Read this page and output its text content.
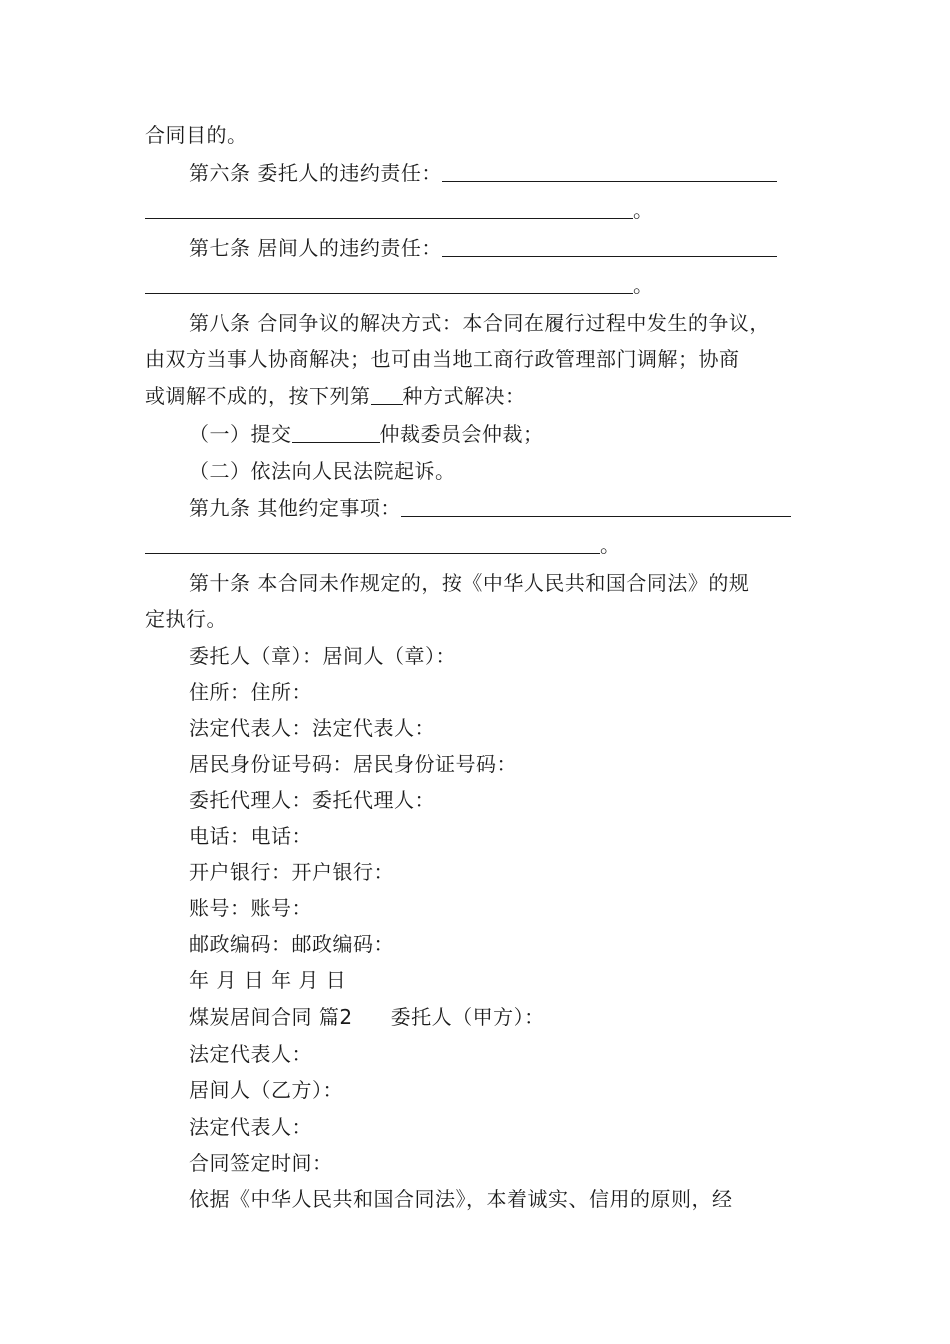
合同目的。
第六条 委托人的违约责任：
。
第七条 居间人的违约责任：
。
第八条 合同争议的解决方式：本合同在履行过程中发生的争议，
由双方当事人协商解决；也可由当地工商行政管理部门调解；协商
或调解不成的，按下列第 种方式解决：
（一）提交	仲裁委员会仲裁；
（二）依法向人民法院起诉。
第九条 其他约定事项：
。
第十条 本合同未作规定的，按《中华人民共和国合同法》的规
定执行。
委托人（章）：居间人（章）：
住所：住所：
法定代表人：法定代表人：
居民身份证号码：居民身份证号码：
委托代理人：委托代理人：
电话：电话：
开户银行：开户银行：
账号：账号：
邮政编码：邮政编码：
年 月 日 年 月 日
煤炭居间合同 篇2 委托人（甲方）：
法定代表人：
居间人（乙方）：
法定代表人：
合同签定时间：
依据《中华人民共和国合同法》，本着诚实、信用的原则，经
